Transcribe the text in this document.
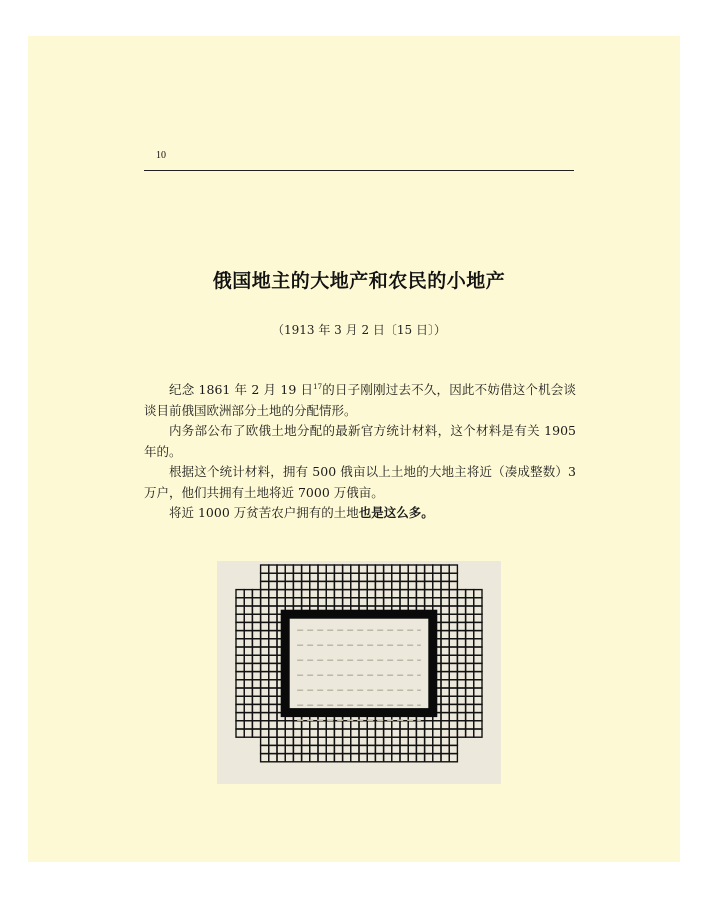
10
俄国地主的大地产和农民的小地产
（1913 年 3 月 2 日〔15 日〕）

纪念 1861 年 2 月 19 日$^{17}$的日子刚刚过去不久，因此不妨借这个机会谈谈目前俄国欧洲部分土地的分配情形。

内务部公布了欧俄土地分配的最新官方统计材料，这个材料是有关 1905 年的。

根据这个统计材料，拥有 500 俄亩以上土地的大地主将近（凑成整数）3 万户，他们共拥有土地将近 7000 万俄亩。

将近 1000 万贫苦农户拥有的土地也是这么多。
